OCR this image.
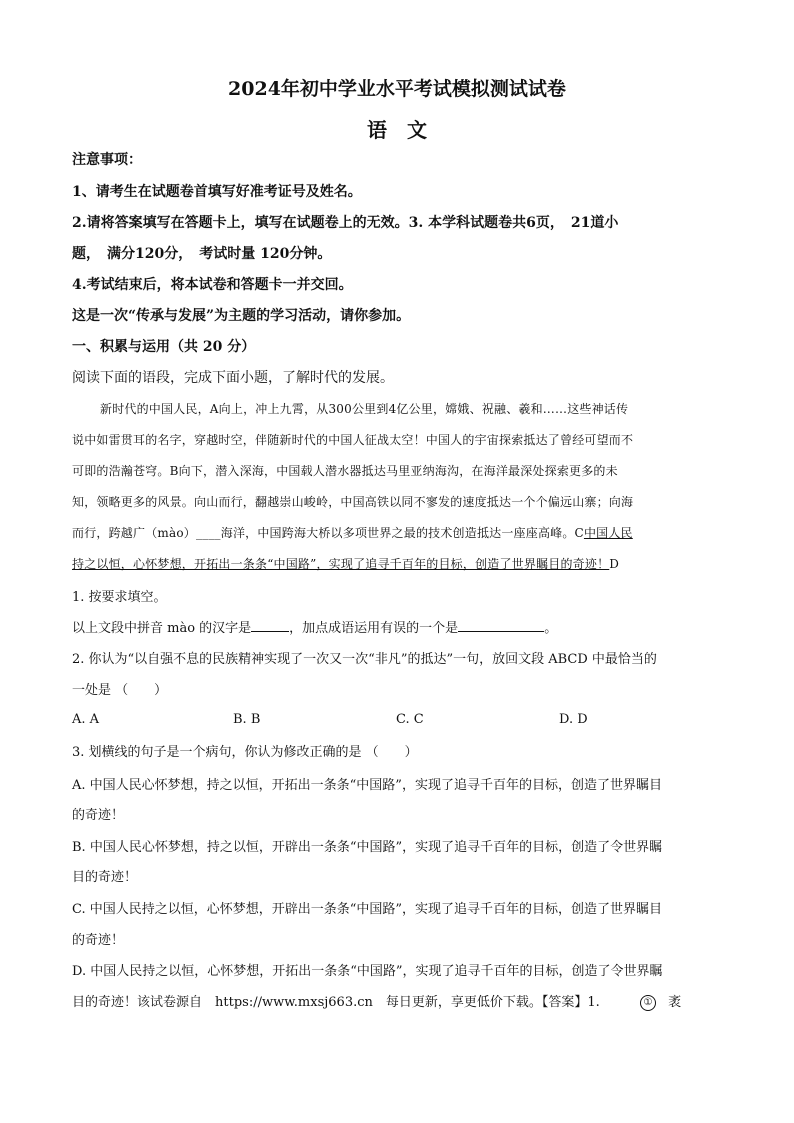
2024年初中学业水平考试模拟测试试卷
语　文
注意事项：
1、请考生在试题卷首填写好准考证号及姓名。
2.请将答案填写在答题卡上，填写在试题卷上的无效。3. 本学科试题卷共6页，　21道小
题，　满分120分，　考试时量 120分钟。
4.考试结束后，将本试卷和答题卡一并交回。
这是一次“传承与发展”为主题的学习活动，请你参加。
一、积累与运用（共 20 分）
阅读下面的语段，完成下面小题，了解时代的发展。
新时代的中国人民，A向上，冲上九霄，从300公里到4亿公里，嫦娥、祝融、羲和……这些神话传
说中如雷贯耳的名字，穿越时空，伴随新时代的中国人征战太空！中国人的宇宙探索抵达了曾经可望而不
可即的浩瀚苍穹。B向下，潜入深海，中国载人潜水器抵达马里亚纳海沟，在海洋最深处探索更多的未
知，领略更多的风景。向山而行，翻越崇山峻岭，中国高铁以同不寥发的速度抵达一个个偏远山寨；向海
而行，跨越广（mào）____海洋，中国跨海大桥以多项世界之最的技术创造抵达一座座高峰。C中国人民
持之以恒，心怀梦想，开拓出一条条“中国路”，实现了追寻千百年的目标，创造了世界瞩目的奇迹！D
1. 按要求填空。
以上文段中拼音 mào 的汉字是	，加点成语运用有误的一个是	。
2. 你认为“以自强不息的民族精神实现了一次又一次“非凡”的抵达”一句，放回文段 ABCD 中最恰当的
一处是 （　　）
A. A	B. B	C. C	D. D
3. 划横线的句子是一个病句，你认为修改正确的是 （　　）
A. 中国人民心怀梦想，持之以恒，开拓出一条条“中国路”，实现了追寻千百年的目标，创造了世界瞩目
的奇迹！
B. 中国人民心怀梦想，持之以恒，开辟出一条条“中国路”，实现了追寻千百年的目标，创造了令世界瞩
目的奇迹！
C. 中国人民持之以恒，心怀梦想，开辟出一条条“中国路”，实现了追寻千百年的目标，创造了世界瞩目
的奇迹！
D. 中国人民持之以恒，心怀梦想，开拓出一条条“中国路”，实现了追寻千百年的目标，创造了令世界瞩
目的奇迹！该试卷源自　https://www.mxsj663.cn　每日更新，享更低价下载。【答案】1.	① 袤
